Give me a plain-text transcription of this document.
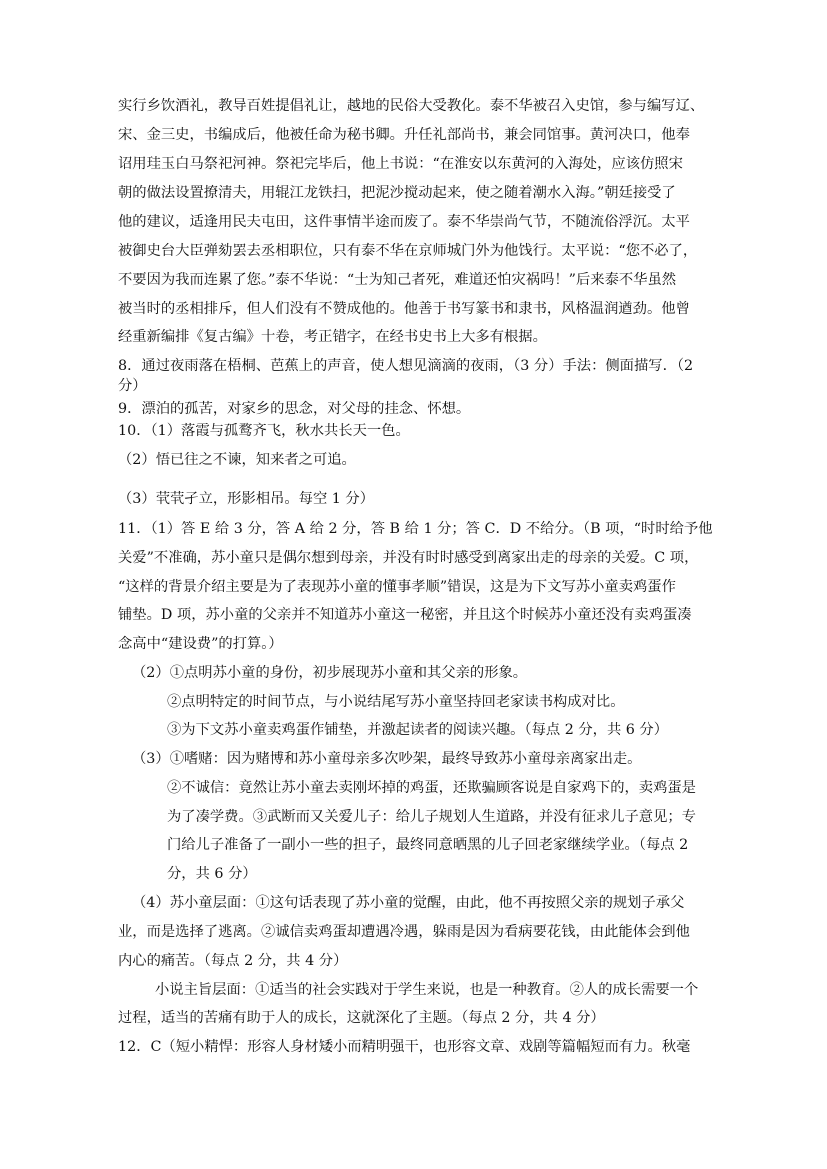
实行乡饮酒礼，教导百姓提倡礼让，越地的民俗大受教化。泰不华被召入史馆，参与编写辽、

宋、金三史，书编成后，他被任命为秘书卿。升任礼部尚书，兼会同馆事。黄河决口，他奉

诏用珪玉白马祭祀河神。祭祀完毕后，他上书说：“在淮安以东黄河的入海处，应该仿照宋

朝的做法设置撩清夫，用辊江龙铁扫，把泥沙搅动起来，使之随着潮水入海。”朝廷接受了

他的建议，适逢用民夫屯田，这件事情半途而废了。泰不华崇尚气节，不随流俗浮沉。太平

被御史台大臣弹劾罢去丞相职位，只有泰不华在京师城门外为他饯行。太平说：“您不必了，

不要因为我而连累了您。”泰不华说：“士为知己者死，难道还怕灾祸吗！”后来泰不华虽然

被当时的丞相排斥，但人们没有不赞成他的。他善于书写篆书和隶书，风格温润遒劲。他曾

经重新编排《复古编》十卷，考正错字，在经书史书上大多有根据。

8．通过夜雨落在梧桐、芭蕉上的声音，使人想见滴滴的夜雨，（3 分）手法：侧面描写．（2

分）

9．漂泊的孤苦，对家乡的思念，对父母的挂念、怀想。

10．（1）落霞与孤鹜齐飞，秋水共长天一色。

（2）悟已往之不谏，知来者之可追。

（3）茕茕孑立，形影相吊。每空 1 分）

11．（1）答 E 给 3 分，答 A 给 2 分，答 B 给 1 分；答 C．D 不给分。（B 项，“时时给予他

关爱”不准确，苏小童只是偶尔想到母亲，并没有时时感受到离家出走的母亲的关爱。C 项，

“这样的背景介绍主要是为了表现苏小童的懂事孝顺”错误，这是为下文写苏小童卖鸡蛋作

铺垫。D 项，苏小童的父亲并不知道苏小童这一秘密，并且这个时候苏小童还没有卖鸡蛋凑

念高中“建设费”的打算。）

（2）①点明苏小童的身份，初步展现苏小童和其父亲的形象。

②点明特定的时间节点，与小说结尾写苏小童坚持回老家读书构成对比。

③为下文苏小童卖鸡蛋作铺垫，并激起读者的阅读兴趣。（每点 2 分，共 6 分）

（3）①嗜赌：因为赌博和苏小童母亲多次吵架，最终导致苏小童母亲离家出走。

②不诚信：竟然让苏小童去卖刚坏掉的鸡蛋，还欺骗顾客说是自家鸡下的，卖鸡蛋是

为了凑学费。③武断而又关爱儿子：给儿子规划人生道路，并没有征求儿子意见；专

门给儿子准备了一副小一些的担子，最终同意晒黑的儿子回老家继续学业。（每点 2

分，共 6 分）

（4）苏小童层面：①这句话表现了苏小童的觉醒，由此，他不再按照父亲的规划子承父

业，而是选择了逃离。②诚信卖鸡蛋却遭遇冷遇，躲雨是因为看病要花钱，由此能体会到他

内心的痛苦。（每点 2 分，共 4 分）

小说主旨层面：①适当的社会实践对于学生来说，也是一种教育。②人的成长需要一个

过程，适当的苦痛有助于人的成长，这就深化了主题。（每点 2 分，共 4 分）

12．C（短小精悍：形容人身材矮小而精明强干，也形容文章、戏剧等篇幅短而有力。秋毫
